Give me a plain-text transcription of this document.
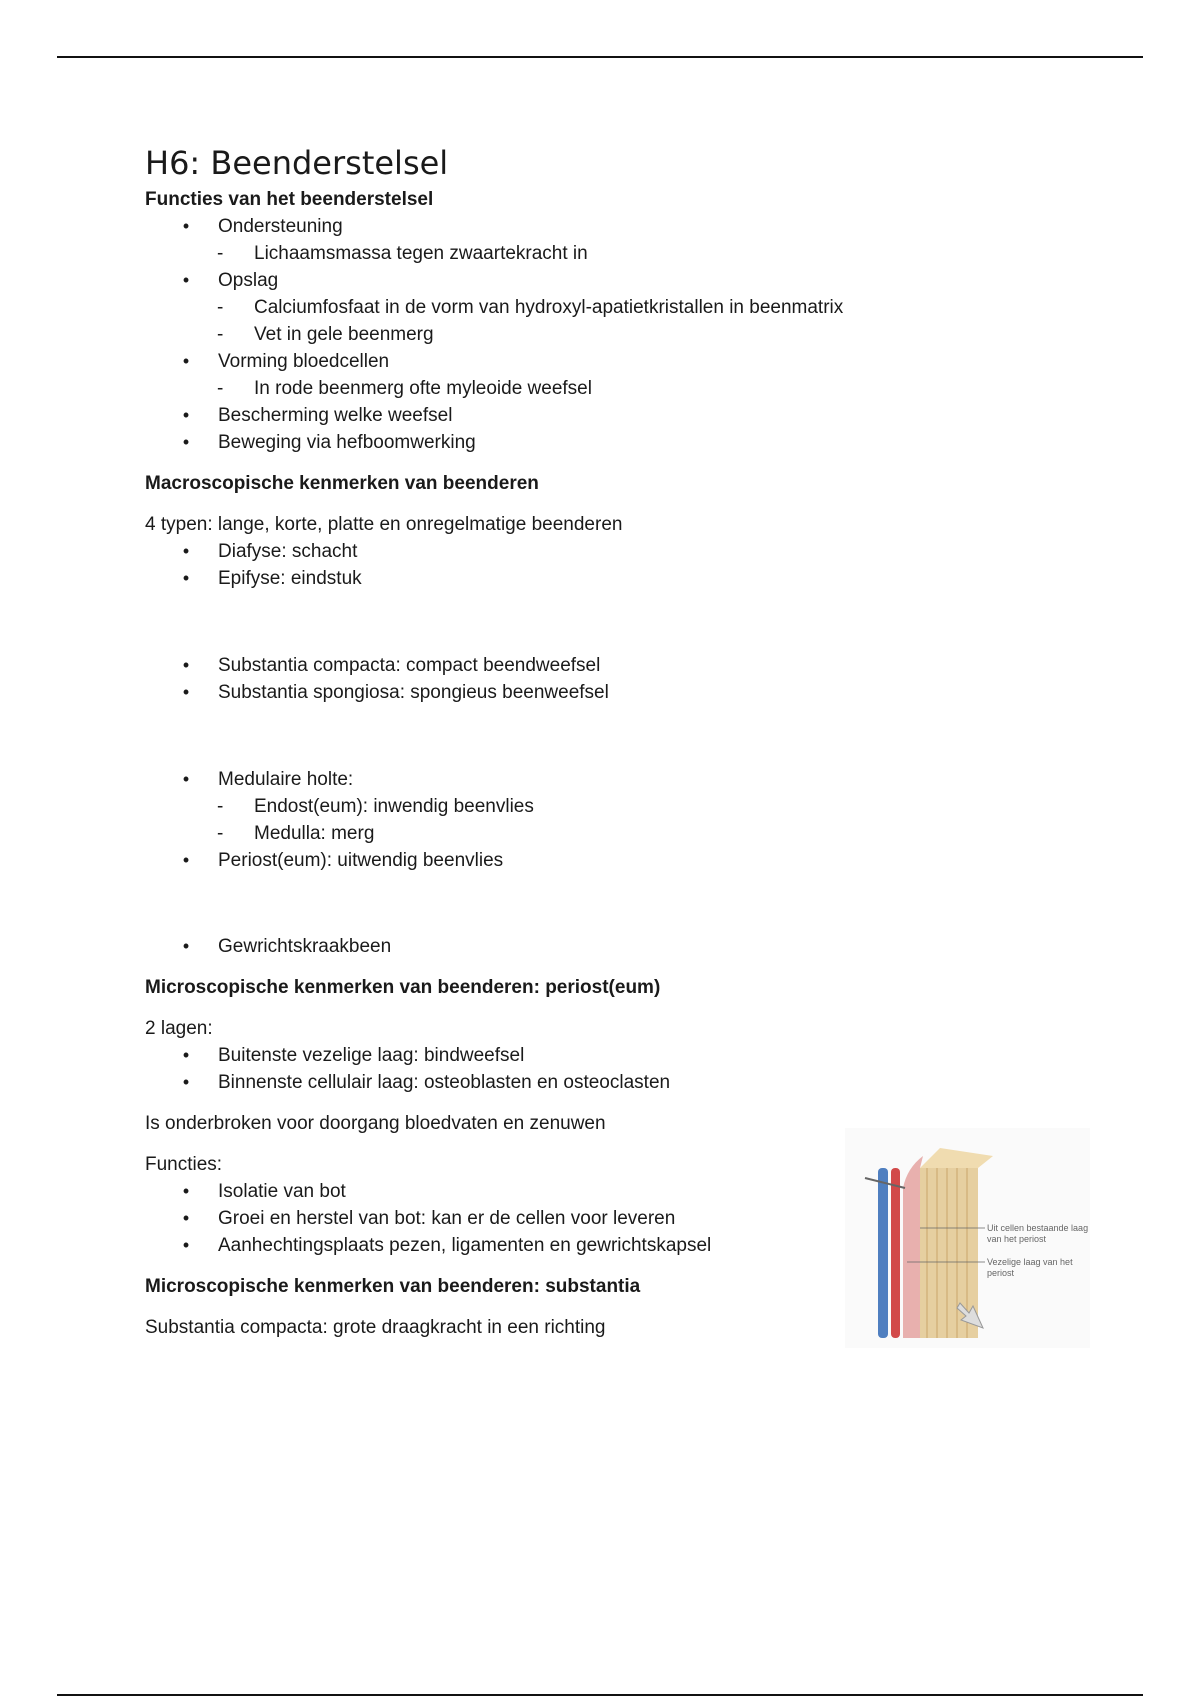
H6: Beenderstelsel

Functies van het beenderstelsel

• Ondersteuning
- Lichaamsmassa tegen zwaartekracht in
• Opslag
- Calciumfosfaat in de vorm van hydroxyl-apatietkristallen in beenmatrix
- Vet in gele beenmerg
• Vorming bloedcellen
- In rode beenmerg ofte myleoide weefsel
• Bescherming welke weefsel
• Beweging via hefboomwerking

Macroscopische kenmerken van beenderen

4 typen: lange, korte, platte en onregelmatige beenderen

• Diafyse: schacht
• Epifyse: eindstuk
• Substantia compacta: compact beendweefsel
• Substantia spongiosa: spongieus beenweefsel
• Medulaire holte:
- Endost(eum): inwendig beenvlies
- Medulla: merg
• Periost(eum): uitwendig beenvlies
• Gewrichtskraakbeen

Microscopische kenmerken van beenderen: periost(eum)

2 lagen:

• Buitenste vezelige laag: bindweefsel
• Binnenste cellulair laag: osteoblasten en osteoclasten

Is onderbroken voor doorgang bloedvaten en zenuwen

Functies:

• Isolatie van bot
• Groei en herstel van bot: kan er de cellen voor leveren
• Aanhechtingsplaats pezen, ligamenten en gewrichtskapsel

Microscopische kenmerken van beenderen: substantia

Substantia compacta: grote draagkracht in een richting

Uit cellen bestaande laag van het periost
Vezelige laag van het periost
